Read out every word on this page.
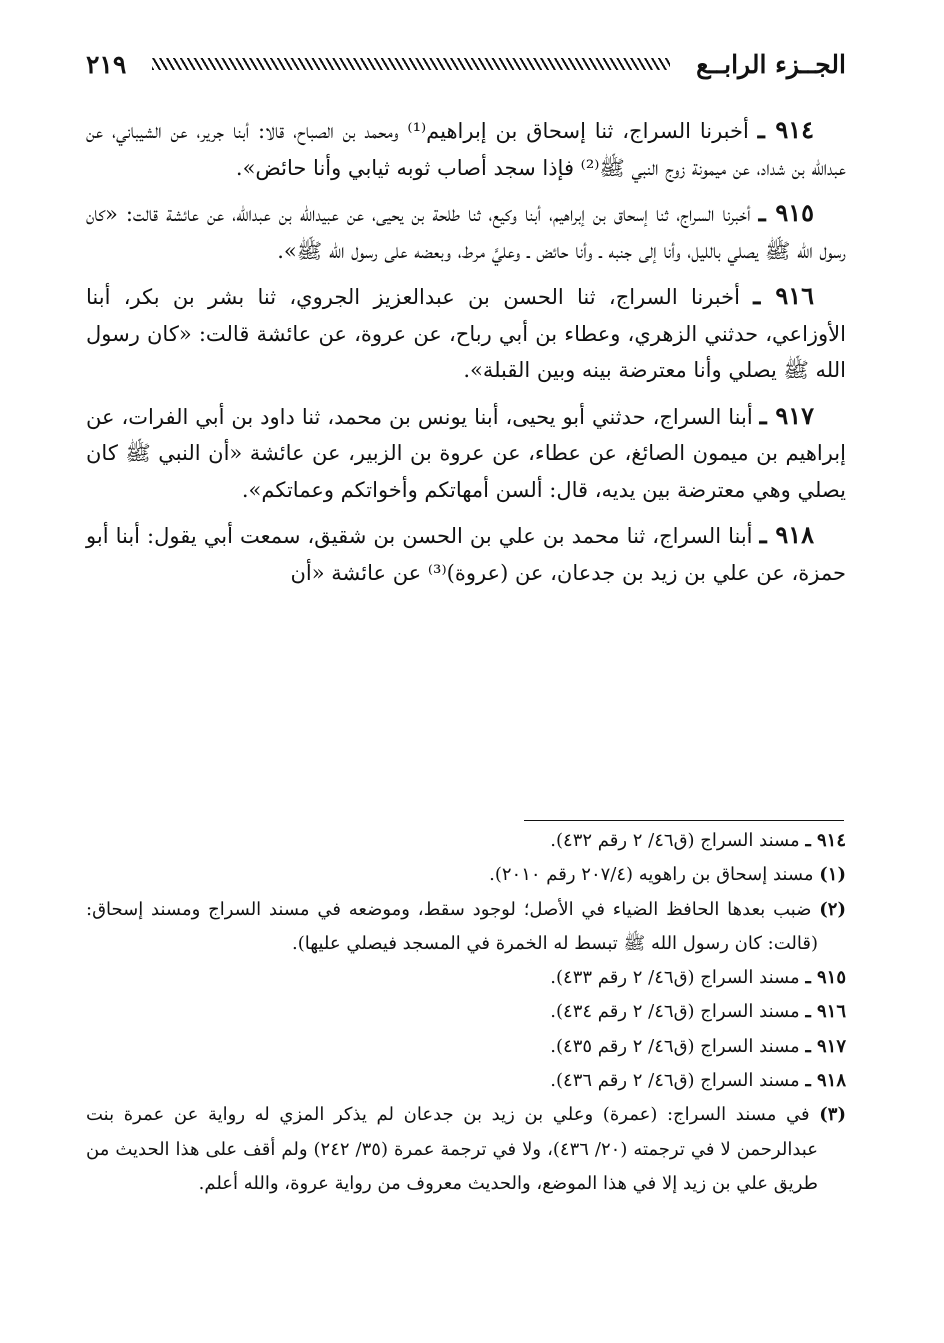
الجــزء الرابــع
٢١٩

٩١٤ ـ أخبرنا السراج، ثنا إسحاق بن إبراهيم⁽¹⁾ ومحمد بن الصباح، قالا: أبنا جرير، عن الشيباني، عن عبدالله بن شداد، عن ميمونة زوج النبي ﷺ⁽²⁾ فإذا سجد أصاب ثوبه ثيابي وأنا حائض».

٩١٥ ـ أخبرنا السراج، ثنا إسحاق بن إبراهيم، أبنا وكيع، ثنا طلحة بن يحيى، عن عبيدالله بن عبدالله، عن عائشة قالت: «كان رسول الله ﷺ يصلي بالليل، وأنا إلى جنبه ـ وأنا حائض ـ وعليَّ مرط، وبعضه على رسول الله ﷺ».

٩١٦ ـ أخبرنا السراج، ثنا الحسن بن عبدالعزيز الجروي، ثنا بشر بن بكر، أبنا الأوزاعي، حدثني الزهري، وعطاء بن أبي رباح، عن عروة، عن عائشة قالت: «كان رسول الله ﷺ يصلي وأنا معترضة بينه وبين القبلة».

٩١٧ ـ أبنا السراج، حدثني أبو يحيى، أبنا يونس بن محمد، ثنا داود بن أبي الفرات، عن إبراهيم بن ميمون الصائغ، عن عطاء، عن عروة بن الزبير، عن عائشة «أن النبي ﷺ كان يصلي وهي معترضة بين يديه، قال: ألسن أمهاتكم وأخواتكم وعماتكم».

٩١٨ ـ أبنا السراج، ثنا محمد بن علي بن الحسن بن شقيق، سمعت أبي يقول: أبنا أبو حمزة، عن علي بن زيد بن جدعان، عن (عروة)⁽³⁾ عن عائشة «أن

٩١٤ ـ مسند السراج (ق٤٦/ ٢ رقم ٤٣٢).

(١) مسند إسحاق بن راهويه (٢٠٧/٤ رقم ٢٠١٠).

(٢) ضبب بعدها الحافظ الضياء في الأصل؛ لوجود سقط، وموضعه في مسند السراج ومسند إسحاق: (قالت: كان رسول الله ﷺ تبسط له الخمرة في المسجد فيصلي عليها).

٩١٥ ـ مسند السراج (ق٤٦/ ٢ رقم ٤٣٣).

٩١٦ ـ مسند السراج (ق٤٦/ ٢ رقم ٤٣٤).

٩١٧ ـ مسند السراج (ق٤٦/ ٢ رقم ٤٣٥).

٩١٨ ـ مسند السراج (ق٤٦/ ٢ رقم ٤٣٦).

(٣) في مسند السراج: (عمرة) وعلي بن زيد بن جدعان لم يذكر المزي له رواية عن عمرة بنت عبدالرحمن لا في ترجمته (٢٠/ ٤٣٦)، ولا في ترجمة عمرة (٣٥/ ٢٤٢) ولم أقف على هذا الحديث من طريق علي بن زيد إلا في هذا الموضع، والحديث معروف من رواية عروة، والله أعلم.
